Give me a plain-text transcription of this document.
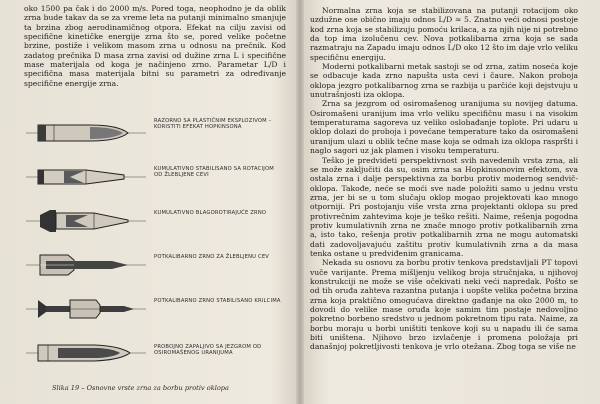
oko 1500 pa čak i do 2000 m/s. Pored toga, neophodno je da oblik zrna bude takav da se za vreme leta na putanji minimalno smanjuje ta brzina zbog aerodinamičnog otpora. Efekat na cilju zavisi od specifične kinetičke energije zrna što se, pored velike početne brzine, postiže i velikom masom zrna u odnosu na prečnik. Kod zadatog prečnika D masa zrna zavisi od dužine zrna L i specifične mase materijala od koga je načinjeno zrno. Parametar L/D i specifična masa materijala bitni su parametri za određivanje specifične energije zrna.

RAZORNO SA PLASTIČNIM EKSPLOZIVOM – KORISTITI EFEKAT HOPKINSONA
KUMULATIVNO STABILISANO SA ROTACIJOM OD ŽLEBLJENE CEVI
KUMULATIVNO BLAGOROTIRAJUĆE ZRNO
POTKALIBARNO ZRNO ZA ŽLEBLJENU CEV
POTKALIBARNO ZRNO STABILISANO KRILCIMA
PROBOJNO ZAPALJIVO SA JEZGROM OD OSIROMAŠENOG URANIJUMA
Slika 19 – Osnovne vrste zrna za borbu protiv oklopa

Normalna zrna koja se stabilizovana na putanji rotacijom oko uzdužne ose obično imaju odnos L/D ≈ 5. Znatno veći odnosi postoje kod zrna koja se stabilizuju pomoću krilaca, a za njih nije ni potrebno da top ima izolučenu cev. Nova potkalibarna zrna koja se sada razmatraju na Zapadu imaju odnos L/D oko 12 što im daje vrlo veliku specifičnu energiju.

Moderni potkalibarni metak sastoji se od zrna, zatim noseća koje se odbacuje kada zrno napušta usta cevi i čaure. Nakon proboja oklopa jezgro potkalibarnog zrna se razbija u parčiće koji dejstvuju u unutrašnjosti iza oklopa.

Zrna sa jezgrom od osiromašenog uranijuma su novijeg datuma. Osiromašeni uranijum ima vrlo veliku specifičnu masu i na visokim temperaturama sagoreva uz veliko oslobađanje toplote. Pri udaru u oklop dolazi do proboja i povećane temperature tako da osiromašeni uranijum ulazi u oblik tečne mase koja se odmah iza oklopa raspršti i naglo sagori uz jak plamen i visoku temperaturu.

Teško je predvideti perspektivnost svih navedenih vrsta zrna, ali se može zaključiti da su, osim zrna sa Hopkinsonovim efektom, sva ostala zrna i dalje perspektivna za borbu protiv modernog sendvič-oklopa. Takođe, neće se moći sve nade položiti samo u jednu vrstu zrna, jer bi se u tom slučaju oklop mogao projektovati kao mnogo otporniji. Pri postojanju više vrsta zrna projektanti oklopa su pred protivrečnim zahtevima koje je teško rešiti. Naime, rešenja pogodna protiv kumulativnih zrna ne znače mnogo protiv potkalibarnih zrna a, isto tako, rešenja protiv potkalibarnih zrna ne mogu automatski dati zadovoljavajuću zaštitu protiv kumulativnih zrna a da masa tenka ostane u predviđenim granicama.

Nekada su osnovu za borbu protiv tenkova predstavljali PT topovi vuče varijante. Prema mišljenju velikog broja stručnjaka, u njihovoj konstrukciji ne može se više očekivati neki veći napredak. Pošto se od tih oruđa zahteva razantna putanja i uopšte velika početna brzina zrna koja praktično omogućava direktno gađanje na oko 2000 m, to dovodi do velike mase oruđa koje samim tim postaje nedovoljno pokretno borbeno sredstvo u jednom pokretnom tipu rata. Naime, za borbu moraju u borbi uništiti tenkove koji su u napadu ili će sama biti uništena. Njihovo brzo izvlačenje i promena položaja pri današnjoj pokretljivosti tenkova je vrlo otežana. Zbog toga se više ne
